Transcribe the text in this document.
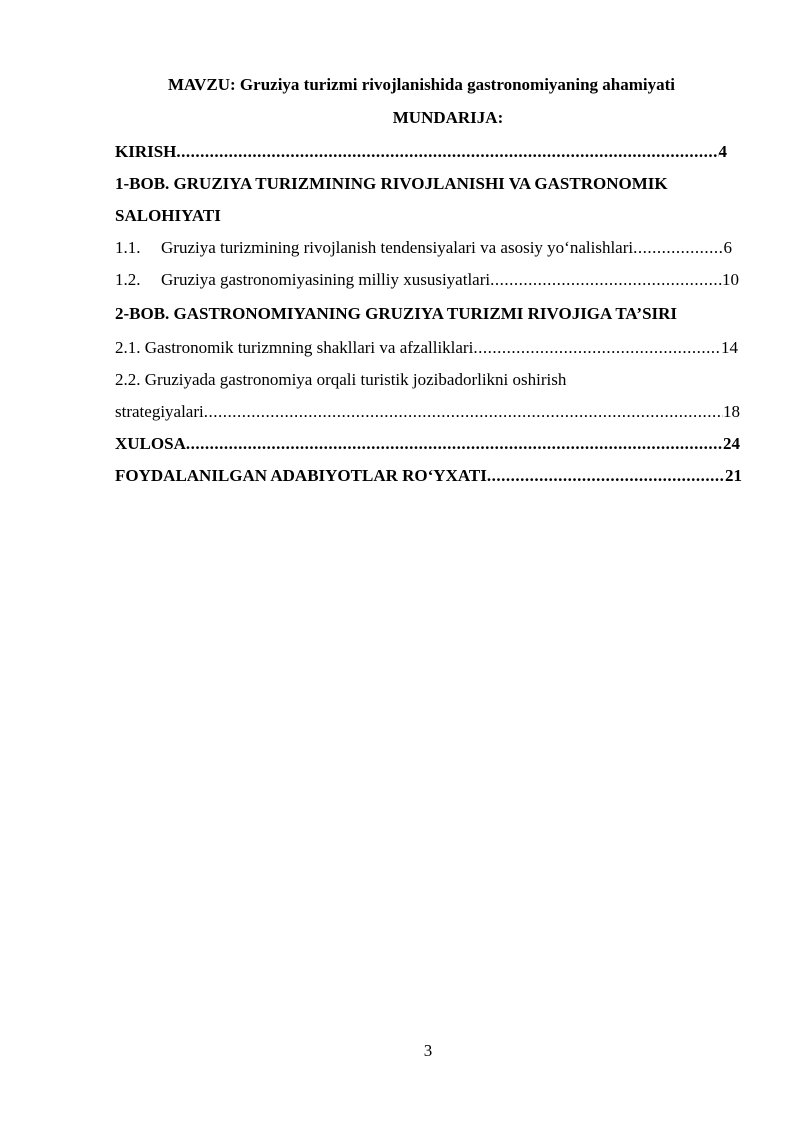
MAVZU: Gruziya turizmi rivojlanishida gastronomiyaning ahamiyati
MUNDARIJA:
KIRISH .....	4
1-BOB. GRUZIYA TURIZMINING RIVOJLANISHI VA GASTRONOMIK
SALOHIYATI
1.1.	Gruziya turizmining rivojlanish tendensiyalari va asosiy yo‘nalishlari .....	6
1.2.	Gruziya gastronomiyasining milliy xususiyatlari .....	10
2-BOB. GASTRONOMIYANING GRUZIYA TURIZMI RIVOJIGA TA’SIRI
2.1. Gastronomik turizmning shakllari va afzalliklari .....	14
2.2. Gruziyada gastronomiya orqali turistik jozibadorlikni oshirish
strategiyalari .....	18
XULOSA .....	24
FOYDALANILGAN ADABIYOTLAR RO‘YXATI .....	21
3
